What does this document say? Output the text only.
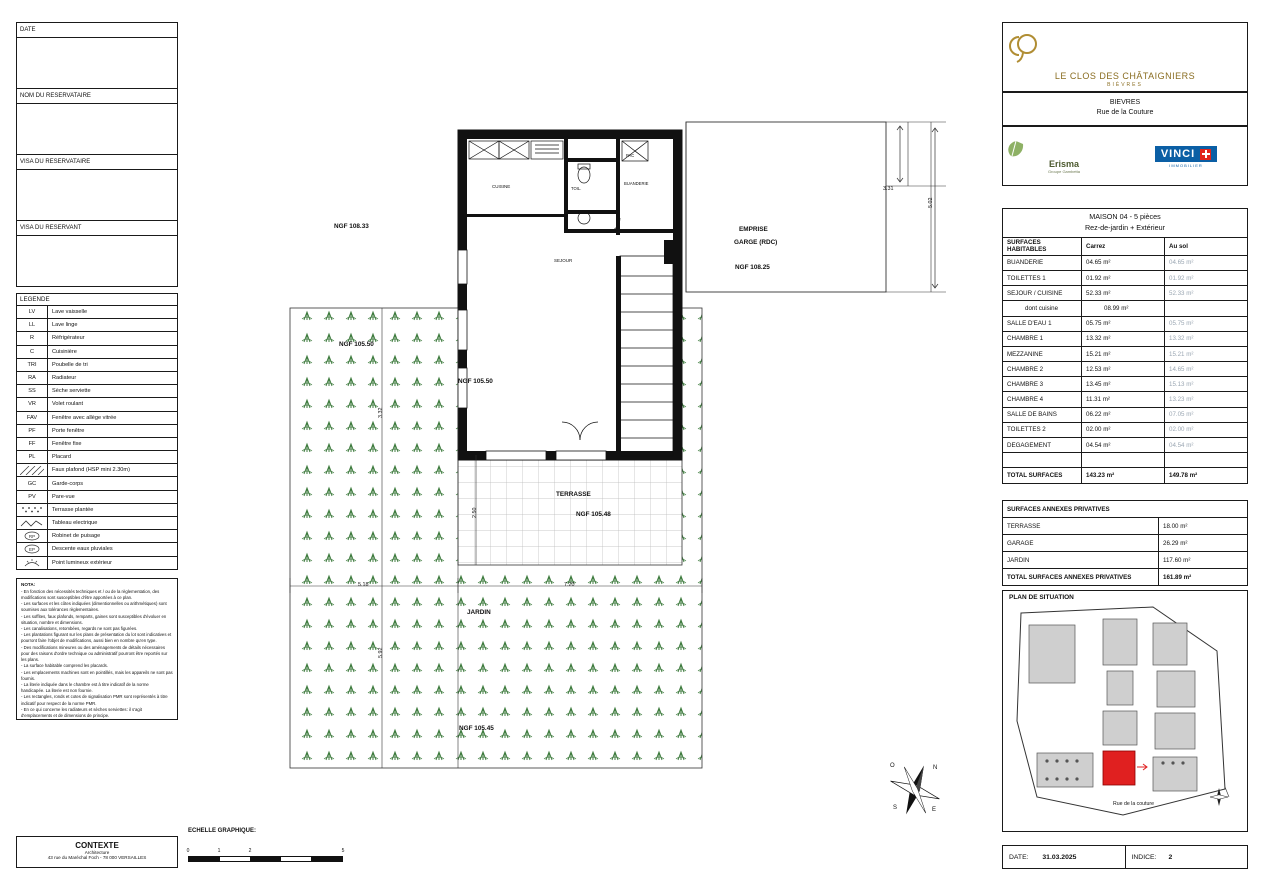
DATE
NOM DU RESERVATAIRE
VISA DU RESERVATAIRE
VISA DU RESERVANT
LEGENDE
LV	Lave vaisselle
LL	Lave linge
R	Réfrigérateur
C	Cuisinière
TRI	Poubelle de tri
RA	Radiateur
SS	Sèche serviette
VR	Volet roulant
FAV	Fenêtre avec allège vitrée
PF	Porte fenêtre
FF	Fenêtre fixe
PL	Placard
Faux plafond (HSP mini 2.30m)
GC	Garde-corps
PV	Pare-vue
Terrasse plantée
Tableau electrique
RP	Robinet de puisage
EP	Descente eaux pluviales
Point lumineux extérieur
NOTA:
- En fonction des nécessités techniques et / ou de la règlementation, des modifications sont susceptibles d'être apportées à ce plan.
- Les surfaces et les côtes indiquées (dimentionnelles ou arithmétiques) sont soumises aux tolérances règlementaires.
- Les soffites, faux plafonds, remparts, gaines sont susceptibles d'évoluer en situation, nombre et dimensions.
- Les canalisations, retombées, regards ne sont pas figurées.
- Les plantations figurant sur les plans de présentation du lot sont indicatives et pourront faire l'objet de modifications, aussi bien en nombre qu'en type.
- Des modifications mineures ou des aménagements de détails nécessaires pour des raisons d'ordre technique ou administratif pourront être reportés sur les plans.
- La surface habitable comprend les placards.
- Les emplacements machines sont en pointillés, mais les appareils ne sont pas fournis.
- La literie indiquée dans le chambre est à titre indicatif de la norme handicapée. La literie est non fournie.
- Les rectangles, ronds et cotes de signalisation PMR sont représentés à titre indicatif pour respect de la norme PMR.
- En ce qui concerne les radiateurs et sèches serviettes: il s'agit d'emplacements et de dimensions de principe.
CONTEXTE
Architecture
43 rue du Maréchal Foch - 78 000 VERSAILLES
ECHELLE GRAPHIQUE:
0	1	2	5
LE CLOS DES CHÂTAIGNIERS
BIÈVRES
BIEVRES
Rue de la Couture
Erisma
Groupe Gambetta
VINCI
IMMOBILIER
MAISON 04 - 5 pièces
Rez-de-jardin + Extérieur
SURFACES HABITABLES	Carrez	Au sol
BUANDERIE	04.65 m²	04.65 m²
TOILETTES 1	01.92 m²	01.92 m²
SEJOUR / CUISINE	52.33 m²	52.33 m²
dont cuisine	08.99 m²	
SALLE D'EAU 1	05.75 m²	05.75 m²
CHAMBRE 1	13.32 m²	13.32 m²
MEZZANINE	15.21 m²	15.21 m²
CHAMBRE 2	12.53 m²	14.65 m²
CHAMBRE 3	13.45 m²	15.13 m²
CHAMBRE 4	11.31 m²	13.23 m²
SALLE DE BAINS	06.22 m²	07.05 m²
TOILETTES 2	02.00 m²	02.00 m²
DEGAGEMENT	04.54 m²	04.54 m²

TOTAL SURFACES	143.23 m²	149.78 m²
SURFACES ANNEXES PRIVATIVES	
TERRASSE	18.00 m²
GARAGE	26.29 m²
JARDIN	117.60 m²
TOTAL SURFACES ANNEXES PRIVATIVES	161.89 m²
PLAN DE SITUATION
Rue de la couture
DATE: 31.03.2025	INDICE: 2
NGF 108.33
NGF 105.50
NGF 105.50
NGF 105.48
NGF 105.45
TERRASSE
JARDIN
CUISINE
SEJOUR
TOIL.
BUANDERIE
PAC
EMPRISE
GARGE (RDC)
NGF 108.25
3.31
5.02
2.50
5.18	7.20
3.32
5.92
N
S	E
O
